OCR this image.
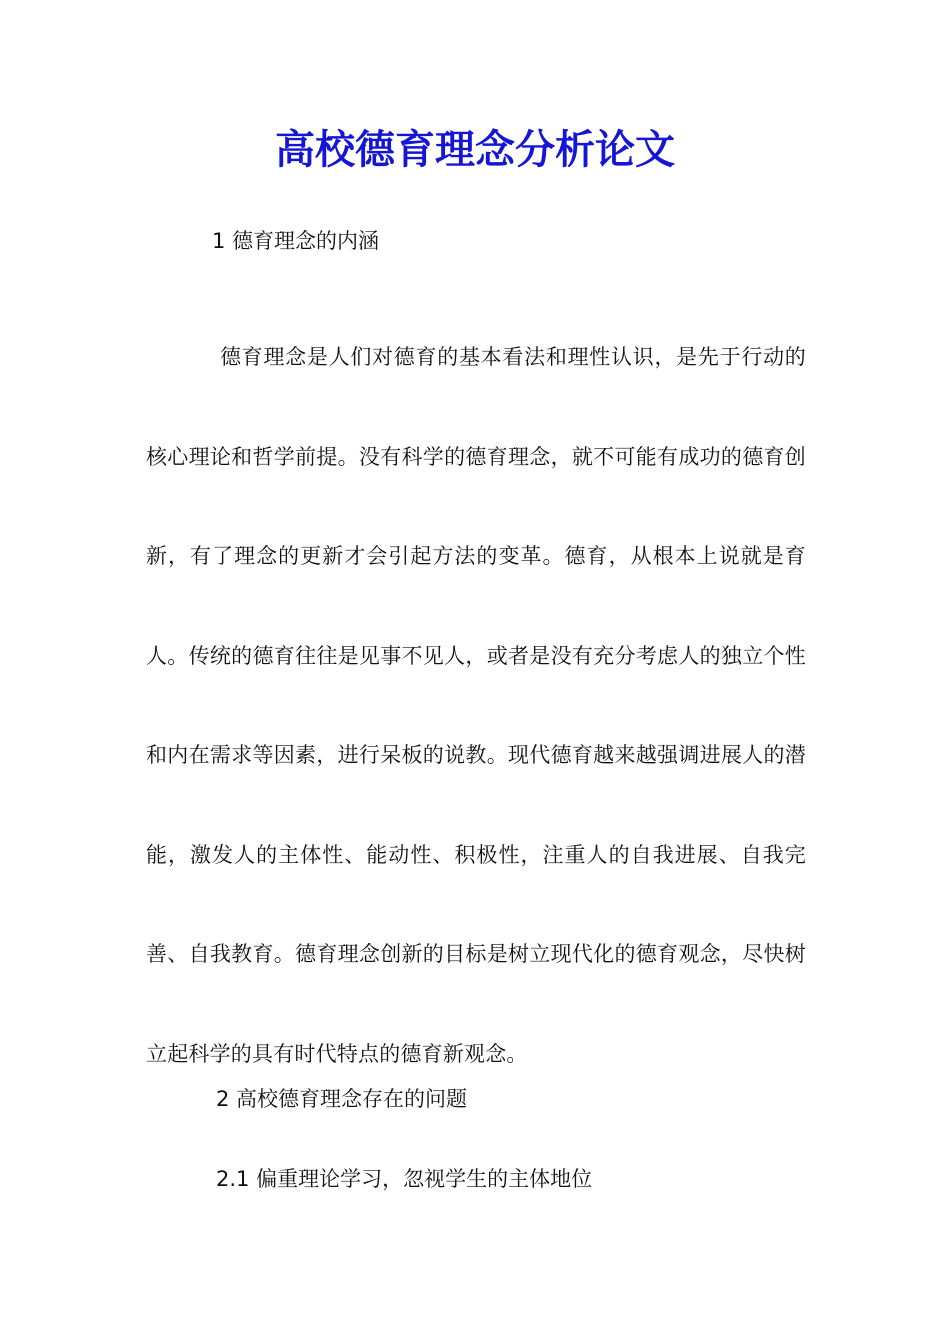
高校德育理念分析论文

1 德育理念的内涵

德育理念是人们对德育的基本看法和理性认识，是先于行动的核心理论和哲学前提。没有科学的德育理念，就不可能有成功的德育创新，有了理念的更新才会引起方法的变革。德育，从根本上说就是育人。传统的德育往往是见事不见人，或者是没有充分考虑人的独立个性和内在需求等因素，进行呆板的说教。现代德育越来越强调进展人的潜能，激发人的主体性、能动性、积极性，注重人的自我进展、自我完善、自我教育。德育理念创新的目标是树立现代化的德育观念，尽快树立起科学的具有时代特点的德育新观念。

2 高校德育理念存在的问题

2.1 偏重理论学习，忽视学生的主体地位
